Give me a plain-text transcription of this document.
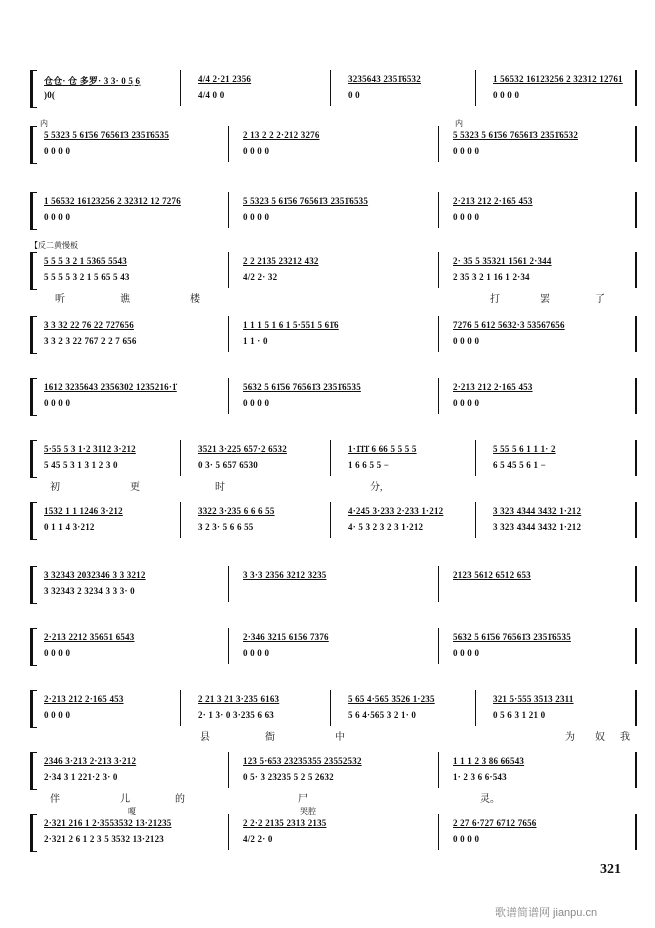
仓仓· 仓 多罗· 3 3· 0 5̣ 6̣	4/4 2·21 2356	3235643 2351̇6532	1 56532 16123256 2 32312 12761
)0(	4/4 0 0	0 0	0 0 0 0
5 5323 5 61̇56 76561̇3 2351̇6535	2 13 2 2 2·212 3276	5 5323 5 61̇56 76561̇3 2351̇6532
0 0 0 0	0 0 0 0	0 0 0 0
1 56532 16123256 2 32312 12 7276	5 5323 5 61̇56 76561̇3 2351̇6535	2·213 212 2·165 453
0 0 0 0	0 0 0 0	0 0 0 0
5 5 5 3 2 1 5365 5543	2 2 2135 23212 432	2· 35 5 35321 1561 2·344
5 5 5 5 3 2 1 5 65 5 43	4/2 2· 32	2 35 3 2 1 16 1 2·34
听	谯	楼	打	罢	了
3 3 32 22 76 22 727656	1 1 1 5 1 6 1 5·551 5 61̇6	7276 5 612 5632·3 53567656
3 3 2 3 22 767 2 2 7 656	1 1 · 0	0 0 0 0
1612 3235643 2356302 1235216·1̇	5632 5 61̇56 76561̇3 2351̇6535	2·213 212 2·165 453
0 0 0 0	0 0 0 0	0 0 0 0
5·55 5 3 1·2 3112 3·212	3521 3·225 657·2 6532	1·1̇1̇1̇ 6 66 5 5 5 5	5 55 5 6 1 1 1· 2
5 45 5 3 1 3 1 2 3 0	0 3· 5 657 6530	1 6 6 5 5 −	6 5 45 5 6 1 −
初	更	时	分,
1532 1 1 1246 3·212	3322 3·235 6 6 6 55	4·245 3·233 2·233 1·212	3 323 4344 3432 1·212
0 1 1 4 3·212	3 2 3· 5 6 6 55	4· 5 3 2 3 2 3 1·212	3 323 4344 3432 1·212
3 32343 2032346 3 3 3212	3 3·3 2356 3212 3235	2123 5612 6512 653
3 32343 2 3234 3 3 3· 0
2·213 2212 35651 6543	2·346 3215 6156 7376	5632 5 61̇56 76561̇3 2351̇6535
0 0 0 0	0 0 0 0	0 0 0 0
2·213 212 2·165 453	2 21 3 21 3·235 6163	5 65 4·565 3526 1·235	321 5·555 3513 2311
0 0 0 0	2· 1 3· 0 3·235 6 63	5 6 4·565 3 2 1· 0	0 5 6 3 1 21 0
县	衙	中	为 奴 我
2346 3·213 2·213 3·212	123 5·653 23235355 23552532	1 1 1 2 3 86 66543
2·34 3 1 221·2 3· 0	0 5· 3 23235 5 2 5 2632	1· 2 3 6 6·543
伴	儿	的	尸	灵。
2·321 216 1 2·3553532 13·21235	2 2·2 2135 2313 2135	2 27 6·727 6712 7656
2·321 2 6 1 2 3 5 3532 13·2123	4/2 2· 0	0 0 0 0
321
歌谱简谱网 jianpu.cn
【反二黄慢板
内	内
嗄	哭腔
